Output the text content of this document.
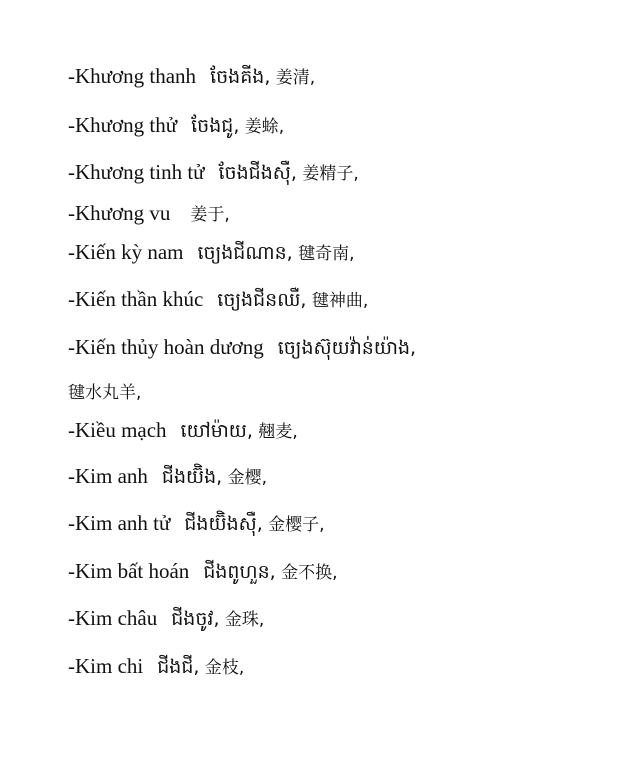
-Khương thanh ចែងគីង, 姜清,
-Khương thử ចែងជូ, 姜蜍,
-Khương tinh tử ចែងជីងស៊ឺ, 姜精子,
-Khương vu 姜于,
-Kiến kỳ nam ច្យេងជីណាន, 毽奇南,
-Kiến thần khúc ច្យេងជីនឈឺ, 毽神曲,
-Kiến thủy hoàn dương ច្យេងស៊ុយវ៉ាន់យ៉ាង,
毽水丸羊,
-Kiều mạch យៅម៉ាយ, 翹麦,
-Kim anh ជីងយ៊ិង, 金樱,
-Kim anh tử ជីងយ៊ិងស៊ឺ, 金樱子,
-Kim bất hoán ជីងពូហួន, 金不换,
-Kim châu ជីងចូវ, 金珠,
-Kim chi ជីងជី, 金枝,
